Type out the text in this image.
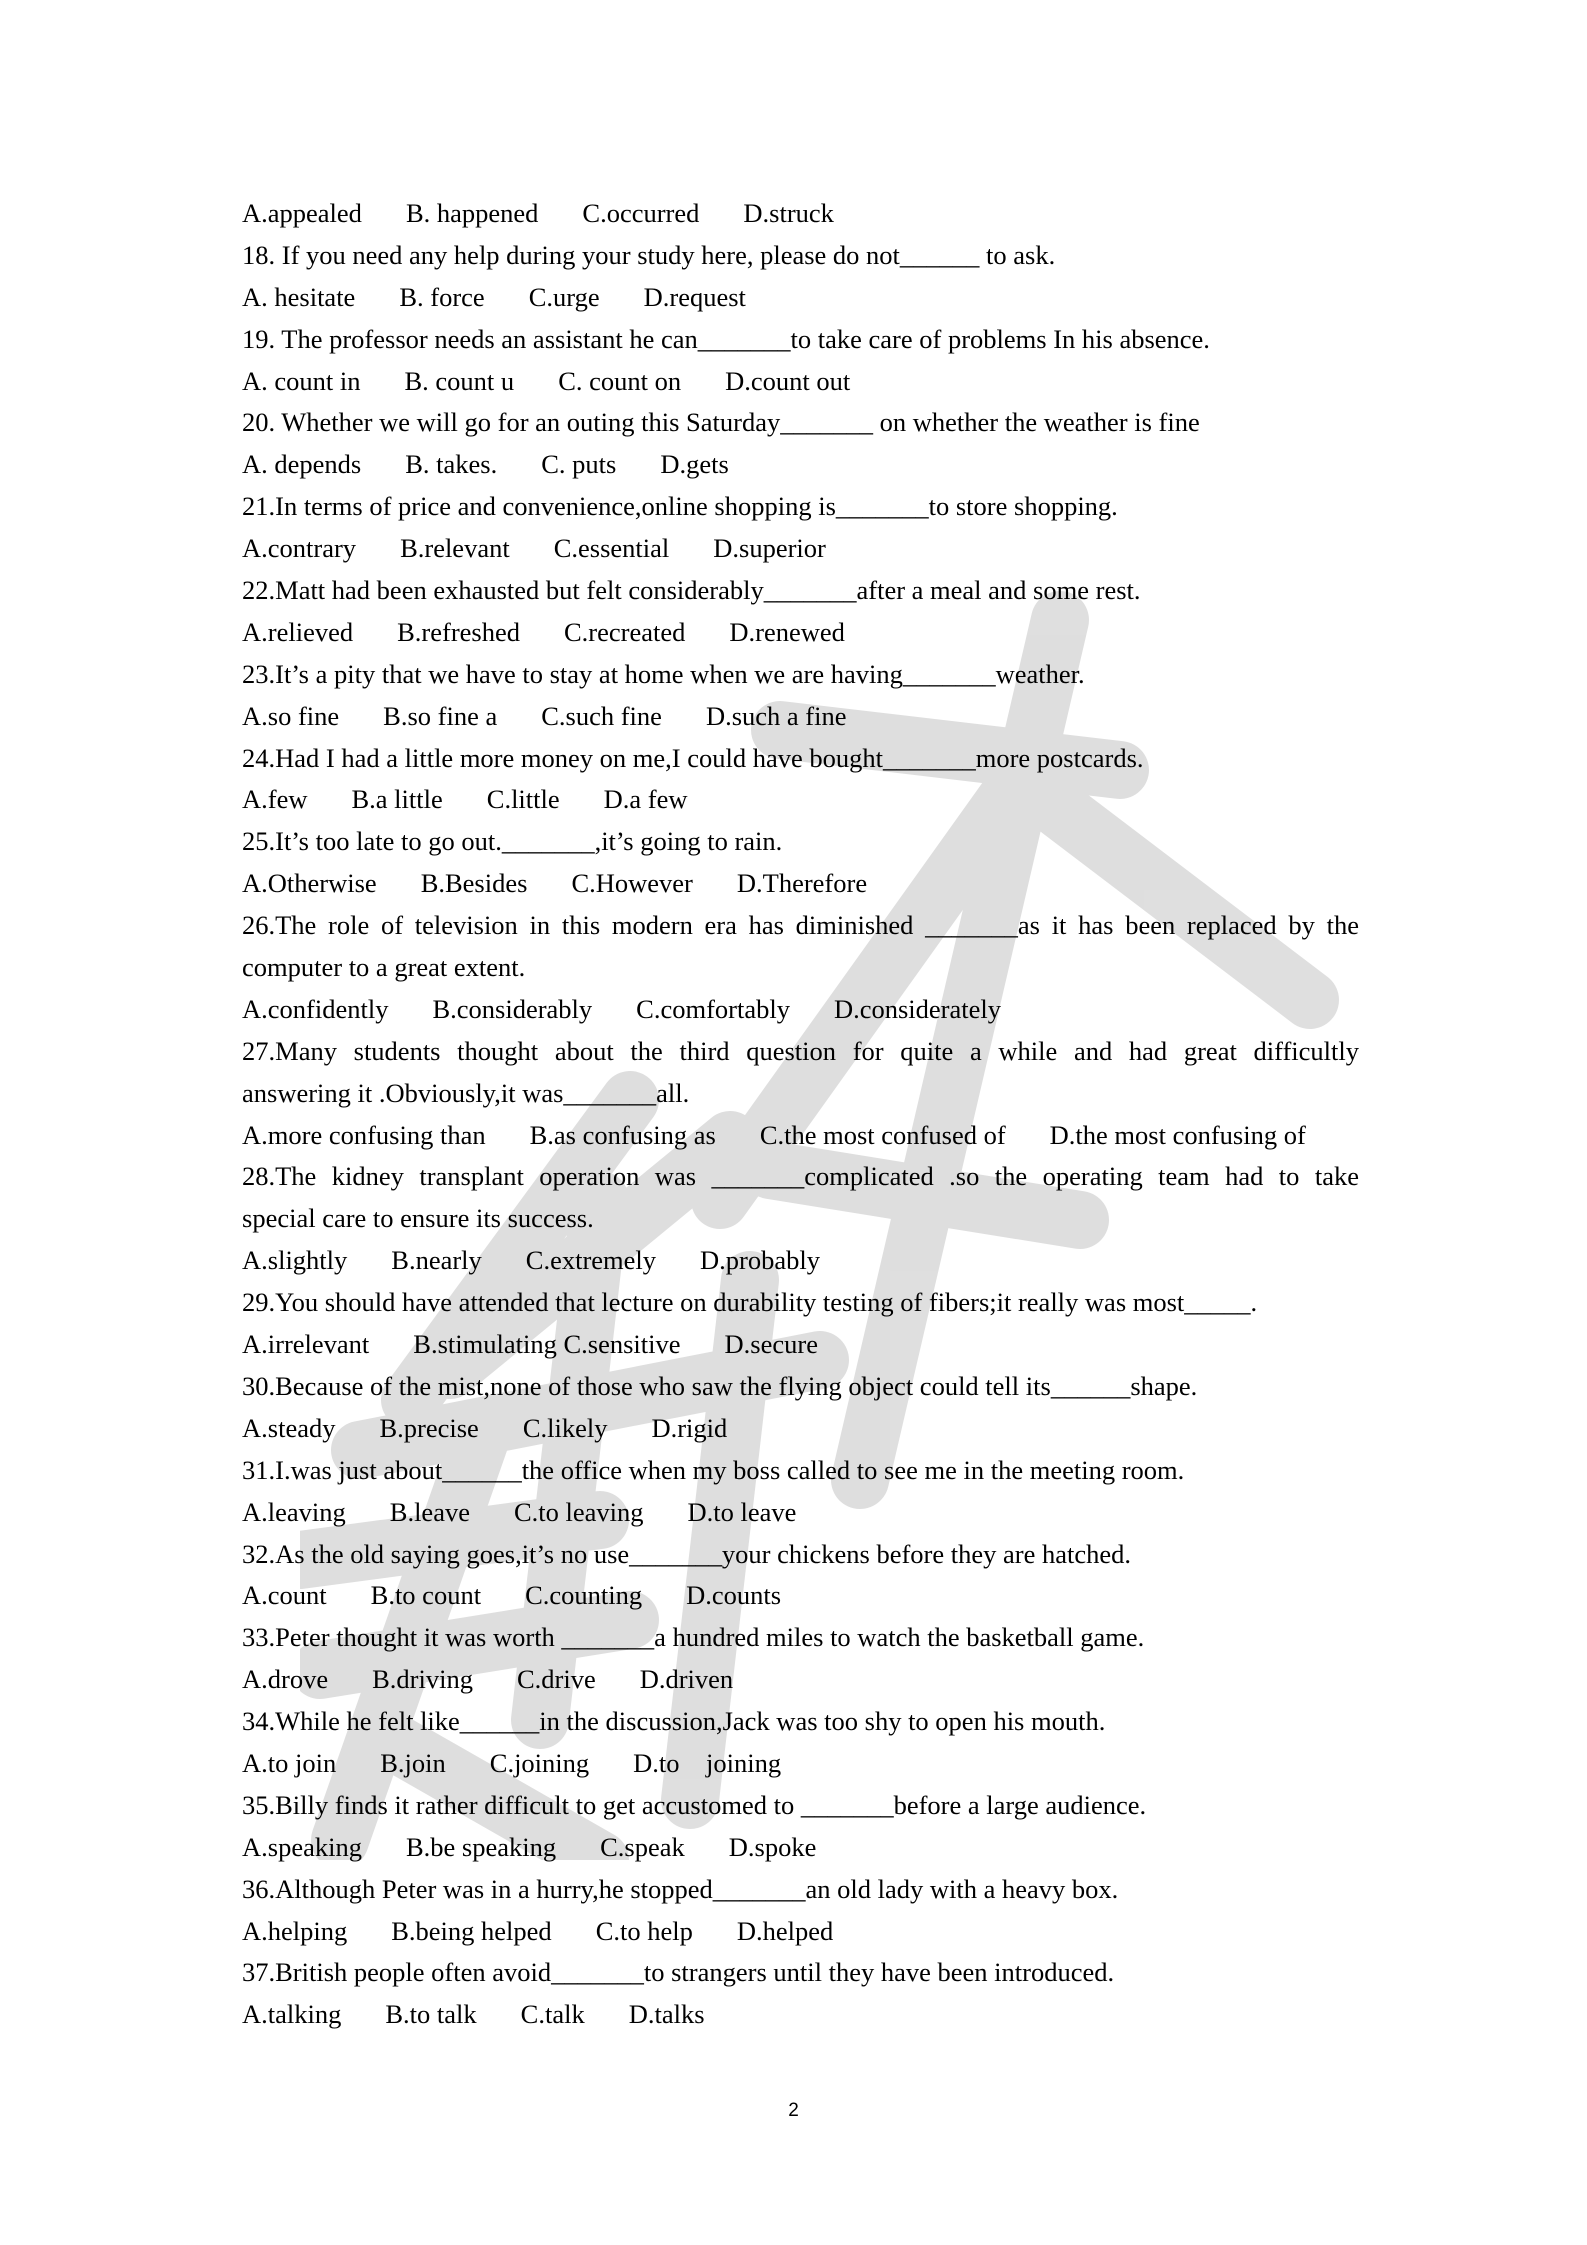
A.appealed B. happened C.occurred D.struck
18. If you need any help during your study here, please do not______ to ask.
A. hesitate B. force C.urge D.request
19. The professor needs an assistant he can_______to take care of problems In his absence.
A. count in B. count u C. count on D.count out
20. Whether we will go for an outing this Saturday_______ on whether the weather is fine
A. depends B. takes. C. puts D.gets
21.In terms of price and convenience,online shopping is_______to store shopping.
A.contrary B.relevant C.essential D.superior
22.Matt had been exhausted but felt considerably_______after a meal and some rest.
A.relieved B.refreshed C.recreated D.renewed
23.It’s a pity that we have to stay at home when we are having_______weather.
A.so fine B.so fine a C.such fine D.such a fine
24.Had I had a little more money on me,I could have bought_______more postcards.
A.few B.a little C.little D.a few
25.It’s too late to go out._______,it’s going to rain.
A.Otherwise B.Besides C.However D.Therefore
26.The role of television in this modern era has diminished _______as it has been replaced by the
computer to a great extent.
A.confidently B.considerably C.comfortably D.considerately
27.Many students thought about the third question for quite a while and had great difficultly
answering it .Obviously,it was_______all.
A.more confusing than B.as confusing as C.the most confused of D.the most confusing of
28.The kidney transplant operation was _______complicated .so the operating team had to take
special care to ensure its success.
A.slightly B.nearly C.extremely D.probably
29.You should have attended that lecture on durability testing of fibers;it really was most_____.
A.irrelevant B.stimulating C.sensitive D.secure
30.Because of the mist,none of those who saw the flying object could tell its______shape.
A.steady B.precise C.likely D.rigid
31.I.was just about______the office when my boss called to see me in the meeting room.
A.leaving B.leave C.to leaving D.to leave
32.As the old saying goes,it’s no use_______your chickens before they are hatched.
A.count B.to count C.counting D.counts
33.Peter thought it was worth _______a hundred miles to watch the basketball game.
A.drove B.driving C.drive D.driven
34.While he felt like______in the discussion,Jack was too shy to open his mouth.
A.to join B.join C.joining D.to    joining
35.Billy finds it rather difficult to get accustomed to _______before a large audience.
A.speaking B.be speaking C.speak D.spoke
36.Although Peter was in a hurry,he stopped_______an old lady with a heavy box.
A.helping B.being helped C.to help D.helped
37.British people often avoid_______to strangers until they have been introduced.
A.talking B.to talk C.talk D.talks
2
